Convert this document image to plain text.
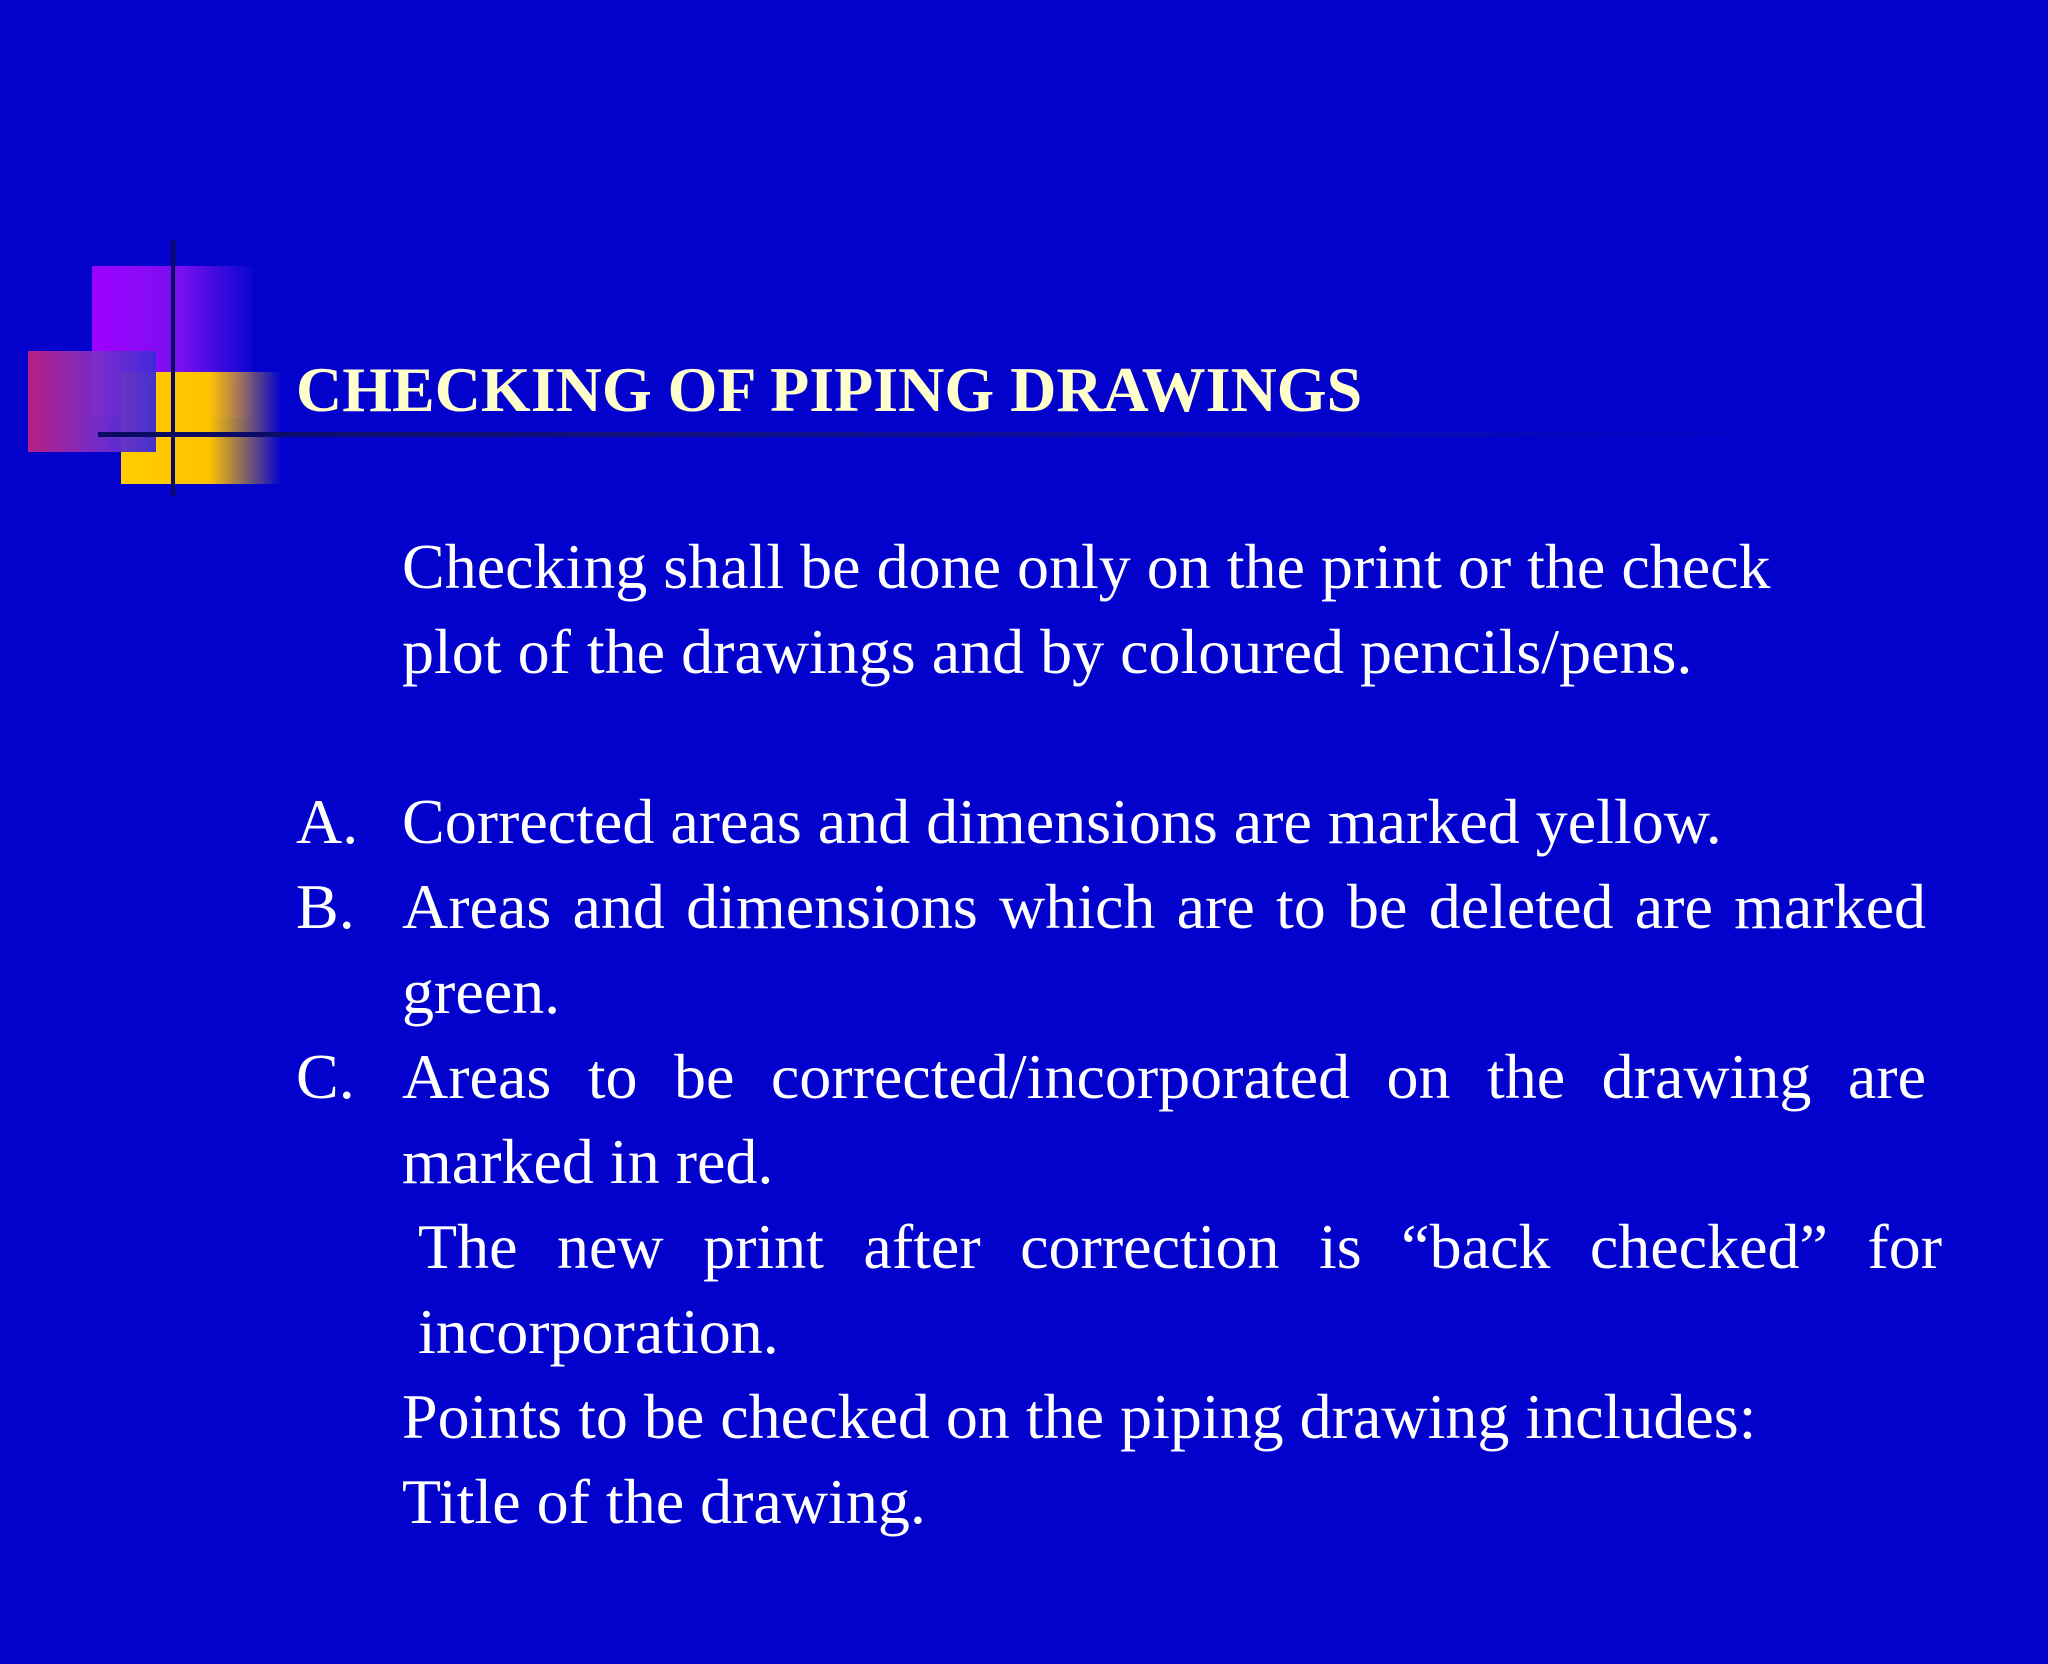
CHECKING OF PIPING DRAWINGS

Checking shall be done only on the print or the check plot of the drawings and by coloured pencils/pens.

A. Corrected areas and dimensions are marked yellow.
B. Areas and dimensions which are to be deleted are marked green.
C. Areas to be corrected/incorporated on the drawing are marked in red.
The new print after correction is “back checked” for incorporation.
Points to be checked on the piping drawing includes:
Title of the drawing.
